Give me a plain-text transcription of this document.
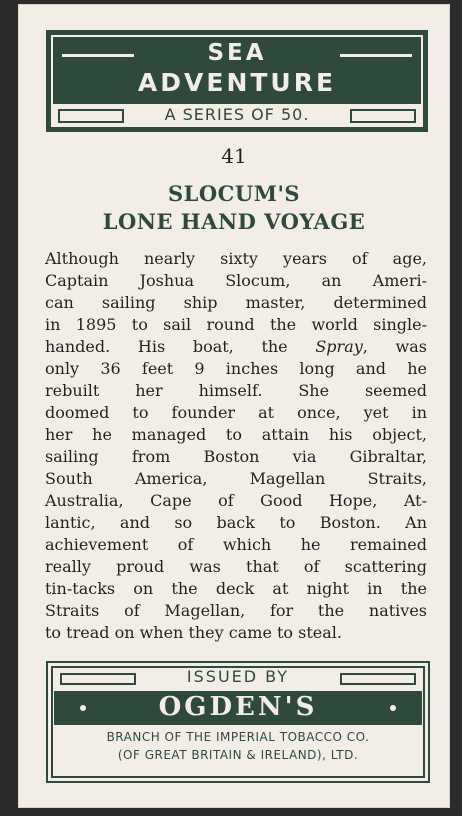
SEA
ADVENTURE
A SERIES OF 50.
41
SLOCUM'S
LONE HAND VOYAGE
Although nearly sixty years of age,
Captain Joshua Slocum, an Ameri-
can sailing ship master, determined
in 1895 to sail round the world single-
handed. His boat, the Spray, was
only 36 feet 9 inches long and he
rebuilt her himself. She seemed
doomed to founder at once, yet in
her he managed to attain his object,
sailing from Boston via Gibraltar,
South America, Magellan Straits,
Australia, Cape of Good Hope, At-
lantic, and so back to Boston. An
achievement of which he remained
really proud was that of scattering
tin-tacks on the deck at night in the
Straits of Magellan, for the natives
to tread on when they came to steal.
ISSUED BY
OGDEN'S
BRANCH OF THE IMPERIAL TOBACCO CO.
(OF GREAT BRITAIN & IRELAND), LTD.
